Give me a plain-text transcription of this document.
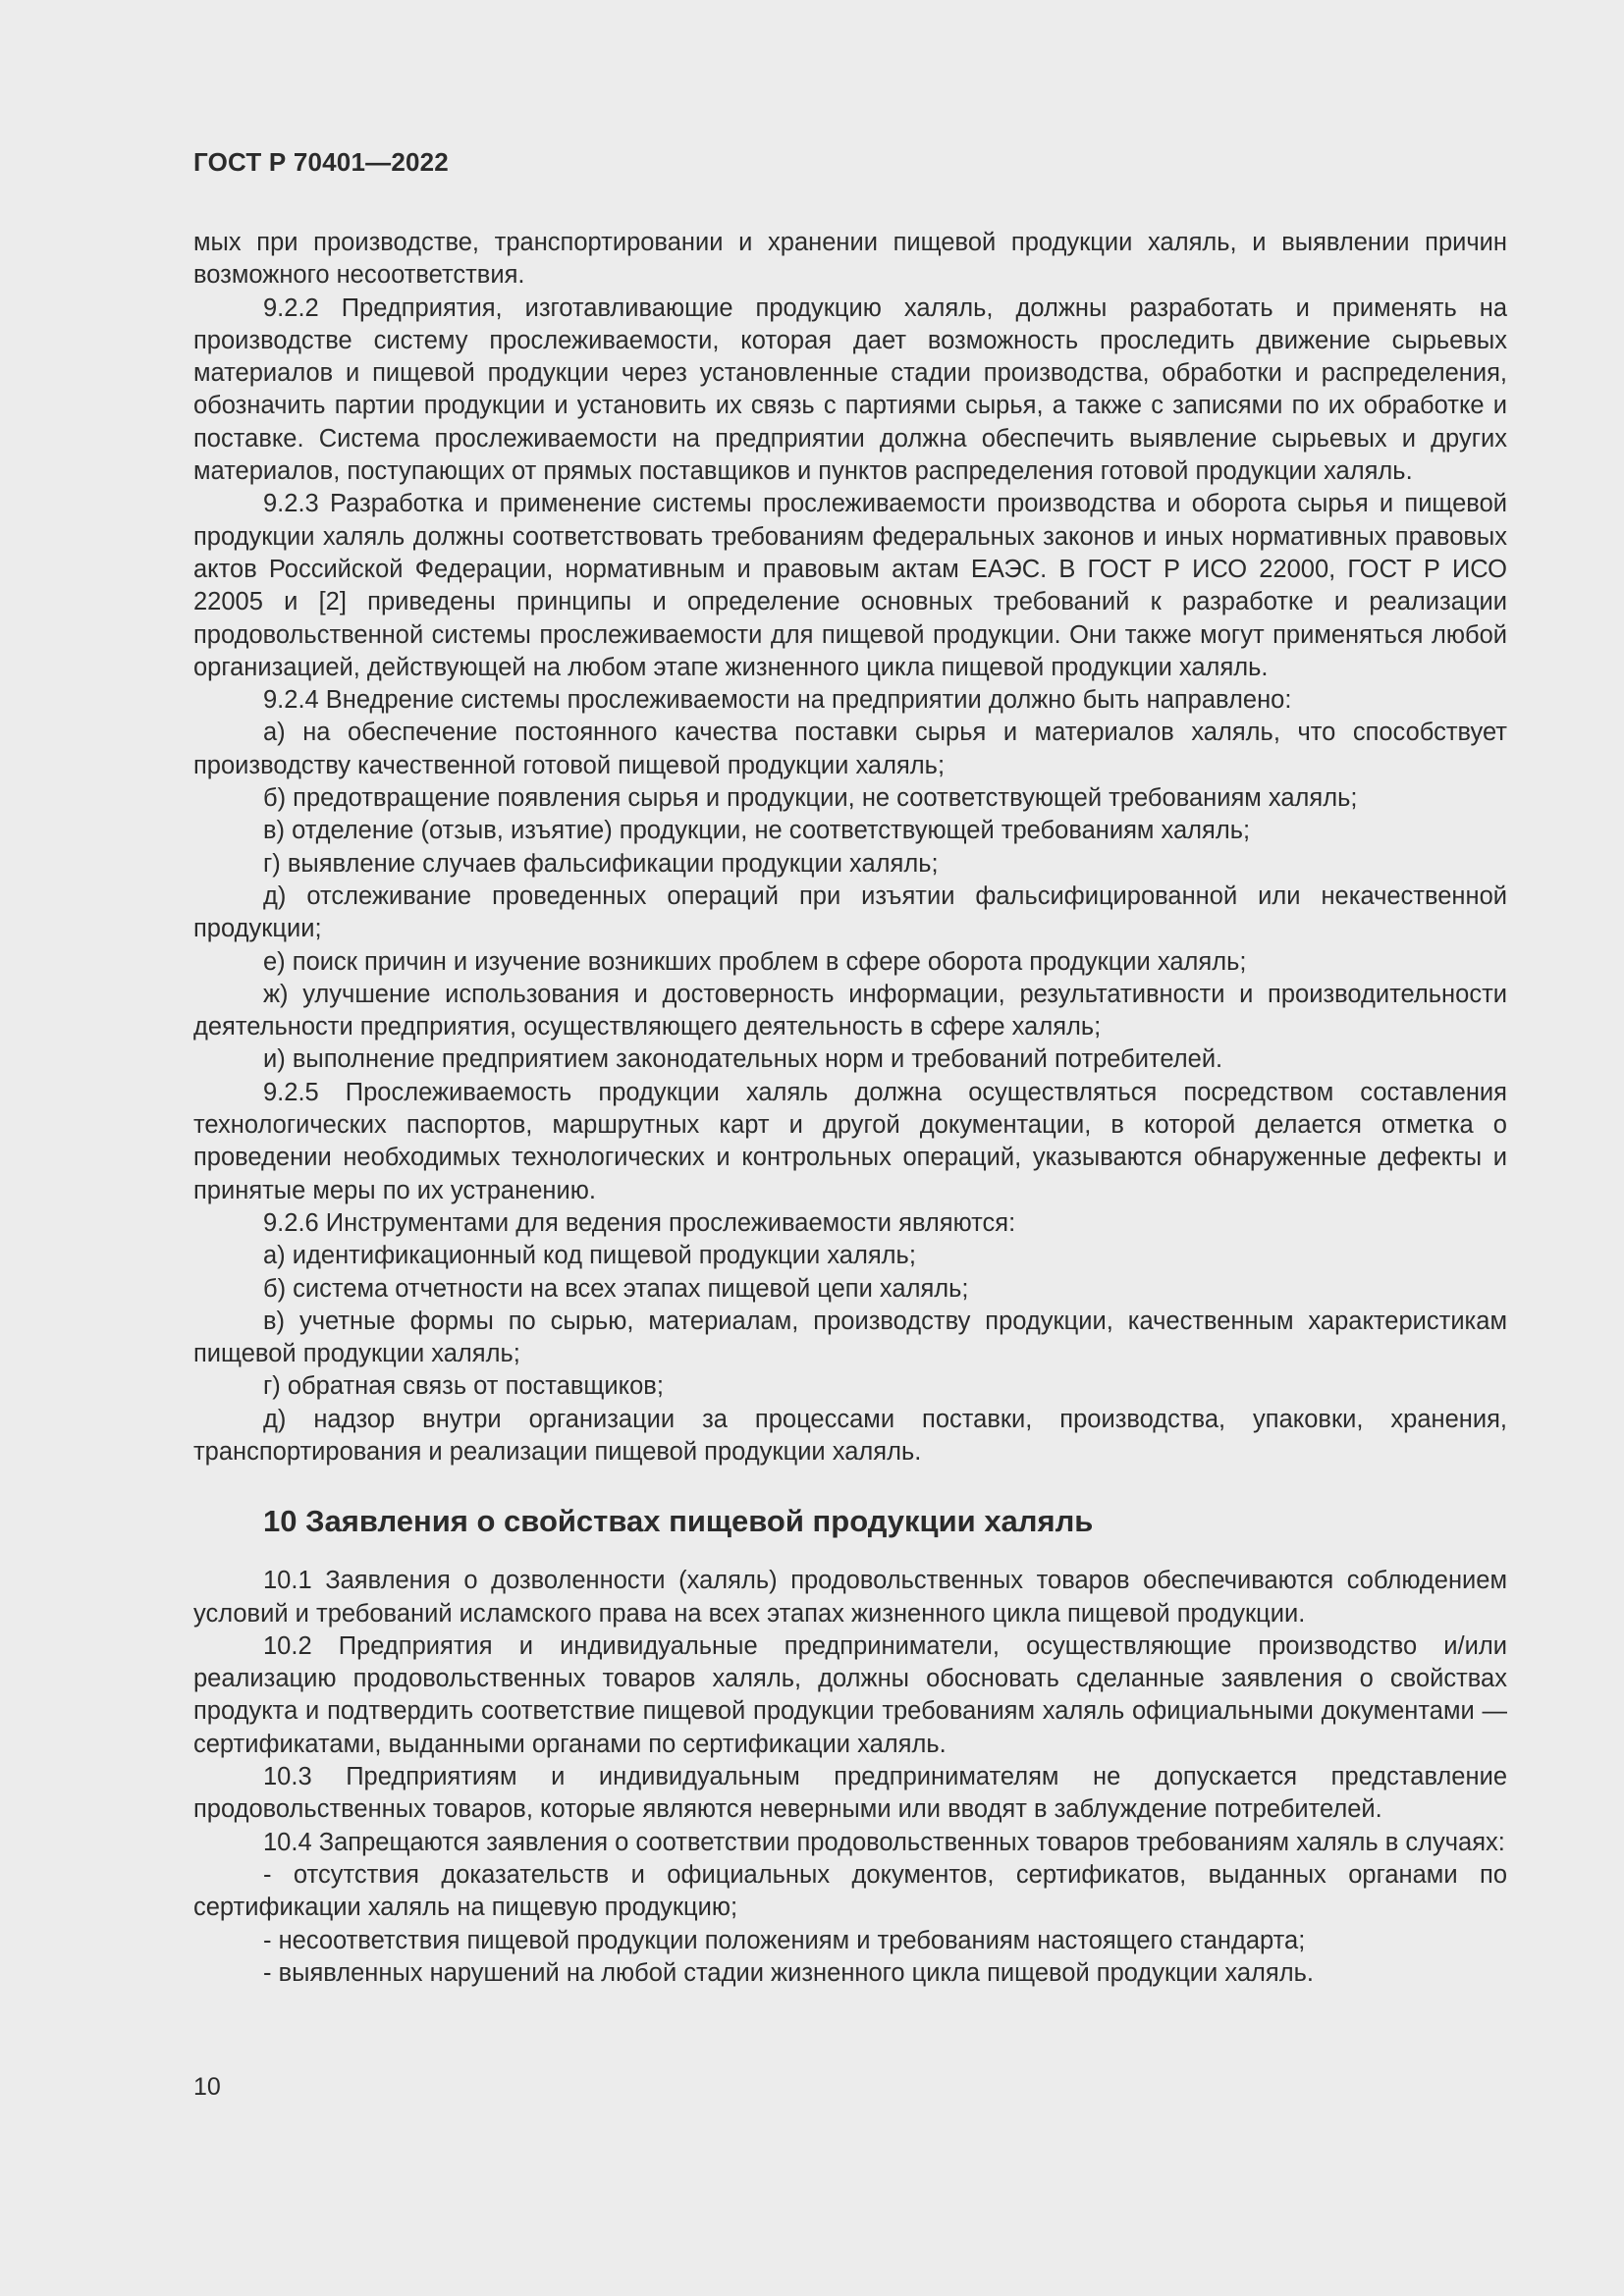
ГОСТ Р 70401—2022

мых при производстве, транспортировании и хранении пищевой продукции халяль, и выявлении причин возможного несоответствия.

9.2.2 Предприятия, изготавливающие продукцию халяль, должны разработать и применять на производстве систему прослеживаемости, которая дает возможность проследить движение сырьевых материалов и пищевой продукции через установленные стадии производства, обработки и распределения, обозначить партии продукции и установить их связь с партиями сырья, а также с записями по их обработке и поставке. Система прослеживаемости на предприятии должна обеспечить выявление сырьевых и других материалов, поступающих от прямых поставщиков и пунктов распределения готовой продукции халяль.

9.2.3 Разработка и применение системы прослеживаемости производства и оборота сырья и пищевой продукции халяль должны соответствовать требованиям федеральных законов и иных нормативных правовых актов Российской Федерации, нормативным и правовым актам ЕАЭС. В ГОСТ Р ИСО 22000, ГОСТ Р ИСО 22005 и [2] приведены принципы и определение основных требований к разработке и реализации продовольственной системы прослеживаемости для пищевой продукции. Они также могут применяться любой организацией, действующей на любом этапе жизненного цикла пищевой продукции халяль.

9.2.4 Внедрение системы прослеживаемости на предприятии должно быть направлено:

а) на обеспечение постоянного качества поставки сырья и материалов халяль, что способствует производству качественной готовой пищевой продукции халяль;

б) предотвращение появления сырья и продукции, не соответствующей требованиям халяль;

в) отделение (отзыв, изъятие) продукции, не соответствующей требованиям халяль;

г) выявление случаев фальсификации продукции халяль;

д) отслеживание проведенных операций при изъятии фальсифицированной или некачественной продукции;

е) поиск причин и изучение возникших проблем в сфере оборота продукции халяль;

ж) улучшение использования и достоверность информации, результативности и производительности деятельности предприятия, осуществляющего деятельность в сфере халяль;

и) выполнение предприятием законодательных норм и требований потребителей.

9.2.5 Прослеживаемость продукции халяль должна осуществляться посредством составления технологических паспортов, маршрутных карт и другой документации, в которой делается отметка о проведении необходимых технологических и контрольных операций, указываются обнаруженные дефекты и принятые меры по их устранению.

9.2.6 Инструментами для ведения прослеживаемости являются:

а) идентификационный код пищевой продукции халяль;

б) система отчетности на всех этапах пищевой цепи халяль;

в) учетные формы по сырью, материалам, производству продукции, качественным характеристикам пищевой продукции халяль;

г) обратная связь от поставщиков;

д) надзор внутри организации за процессами поставки, производства, упаковки, хранения, транспортирования и реализации пищевой продукции халяль.

10 Заявления о свойствах пищевой продукции халяль

10.1 Заявления о дозволенности (халяль) продовольственных товаров обеспечиваются соблюдением условий и требований исламского права на всех этапах жизненного цикла пищевой продукции.

10.2 Предприятия и индивидуальные предприниматели, осуществляющие производство и/или реализацию продовольственных товаров халяль, должны обосновать сделанные заявления о свойствах продукта и подтвердить соответствие пищевой продукции требованиям халяль официальными документами — сертификатами, выданными органами по сертификации халяль.

10.3 Предприятиям и индивидуальным предпринимателям не допускается представление продовольственных товаров, которые являются неверными или вводят в заблуждение потребителей.

10.4 Запрещаются заявления о соответствии продовольственных товаров требованиям халяль в случаях:

- отсутствия доказательств и официальных документов, сертификатов, выданных органами по сертификации халяль на пищевую продукцию;

- несоответствия пищевой продукции положениям и требованиям настоящего стандарта;

- выявленных нарушений на любой стадии жизненного цикла пищевой продукции халяль.

10
